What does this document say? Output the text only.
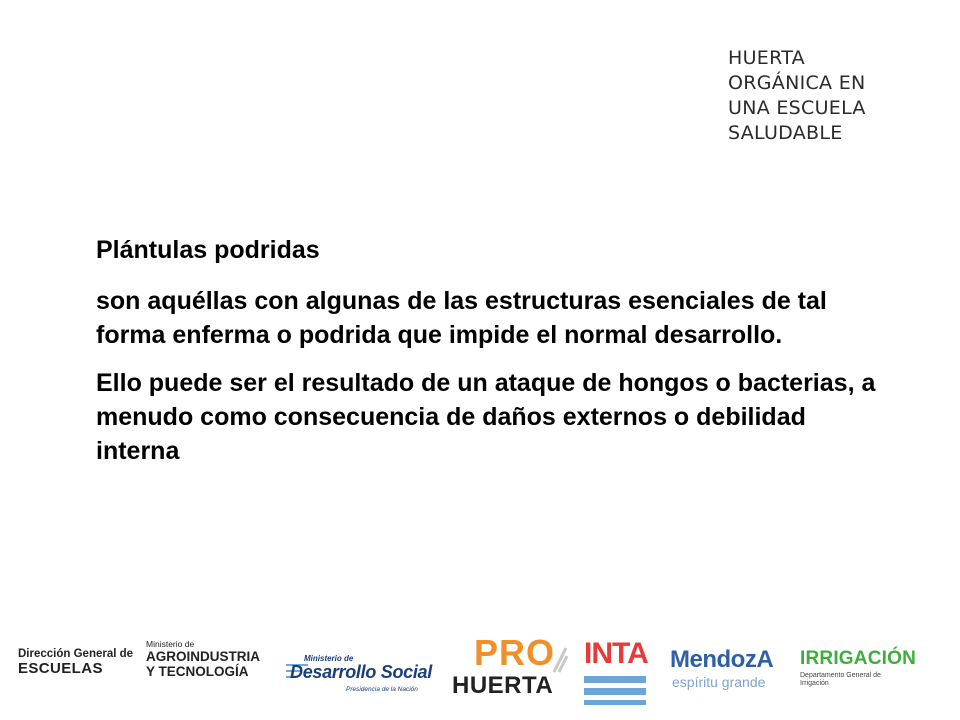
HUERTA
ORGÁNICA EN
UNA ESCUELA
SALUDABLE

Plántulas podridas

son aquéllas con algunas de las estructuras esenciales de tal forma enferma o podrida que impide el normal desarrollo.

Ello puede ser el resultado de un ataque de hongos o bacterias, a menudo como consecuencia de daños externos o debilidad interna

Dirección General de
ESCUELAS
Ministerio de
AGROINDUSTRIA
Y TECNOLOGÍA
Ministerio de
Desarrollo Social
Presidencia de la Nación
PRO
HUERTA
INTA MendozA
espíritu grande
IRRIGACIÓN
Departamento General de Irrigación
